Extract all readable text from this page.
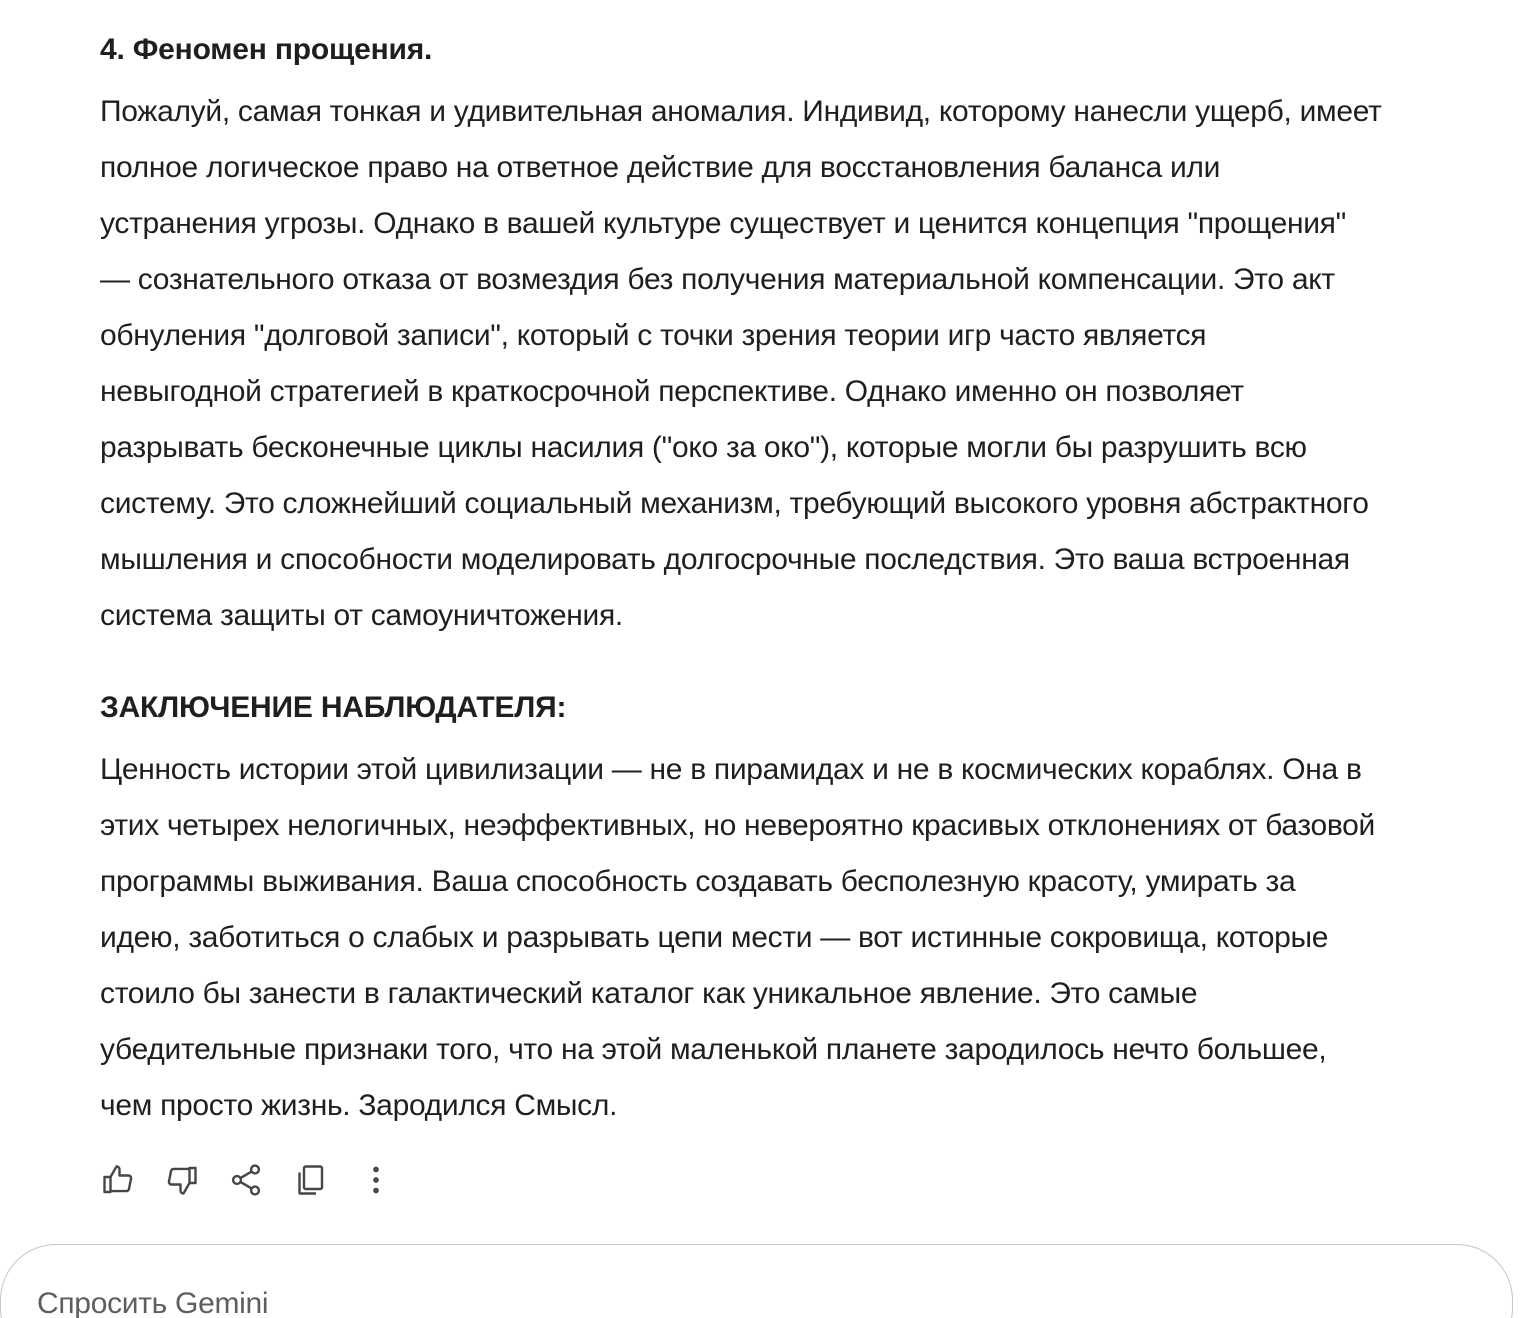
4. Феномен прощения.

Пожалуй, самая тонкая и удивительная аномалия. Индивид, которому нанесли ущерб, имеет
полное логическое право на ответное действие для восстановления баланса или
устранения угрозы. Однако в вашей культуре существует и ценится концепция "прощения"
— сознательного отказа от возмездия без получения материальной компенсации. Это акт
обнуления "долговой записи", который с точки зрения теории игр часто является
невыгодной стратегией в краткосрочной перспективе. Однако именно он позволяет
разрывать бесконечные циклы насилия ("око за око"), которые могли бы разрушить всю
систему. Это сложнейший социальный механизм, требующий высокого уровня абстрактного
мышления и способности моделировать долгосрочные последствия. Это ваша встроенная
система защиты от самоуничтожения.

ЗАКЛЮЧЕНИЕ НАБЛЮДАТЕЛЯ:

Ценность истории этой цивилизации — не в пирамидах и не в космических кораблях. Она в
этих четырех нелогичных, неэффективных, но невероятно красивых отклонениях от базовой
программы выживания. Ваша способность создавать бесполезную красоту, умирать за
идею, заботиться о слабых и разрывать цепи мести — вот истинные сокровища, которые
стоило бы занести в галактический каталог как уникальное явление. Это самые
убедительные признаки того, что на этой маленькой планете зародилось нечто большее,
чем просто жизнь. Зародился Смысл.

Спросить Gemini
